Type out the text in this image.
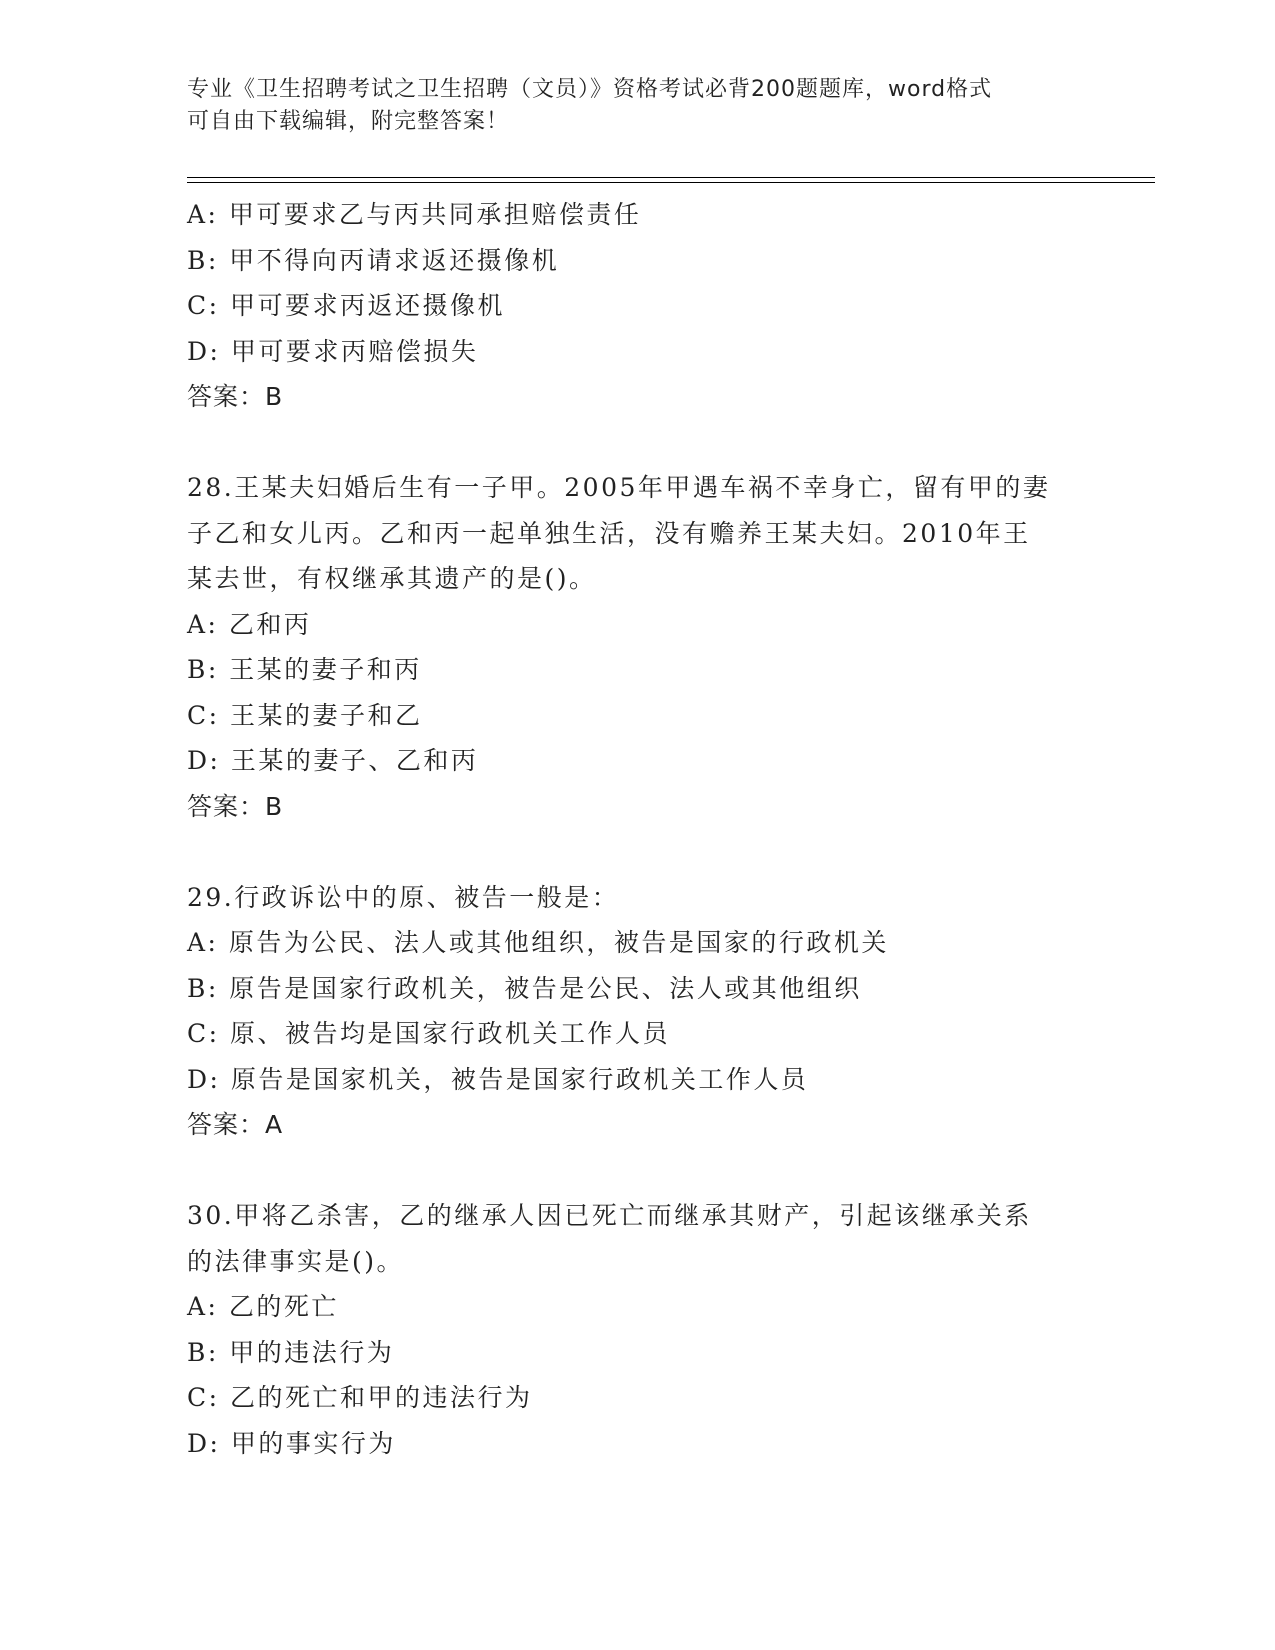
专业《卫生招聘考试之卫生招聘（文员）》资格考试必背200题题库，word格式
可自由下载编辑，附完整答案！
A: 甲可要求乙与丙共同承担赔偿责任
B: 甲不得向丙请求返还摄像机
C: 甲可要求丙返还摄像机
D: 甲可要求丙赔偿损失
答案：B
28.王某夫妇婚后生有一子甲。2005年甲遇车祸不幸身亡，留有甲的妻
子乙和女儿丙。乙和丙一起单独生活，没有赡养王某夫妇。2010年王
某去世，有权继承其遗产的是()。
A: 乙和丙
B: 王某的妻子和丙
C: 王某的妻子和乙
D: 王某的妻子、乙和丙
答案：B
29.行政诉讼中的原、被告一般是：
A: 原告为公民、法人或其他组织，被告是国家的行政机关
B: 原告是国家行政机关，被告是公民、法人或其他组织
C: 原、被告均是国家行政机关工作人员
D: 原告是国家机关，被告是国家行政机关工作人员
答案：A
30.甲将乙杀害，乙的继承人因已死亡而继承其财产，引起该继承关系
的法律事实是()。
A: 乙的死亡
B: 甲的违法行为
C: 乙的死亡和甲的违法行为
D: 甲的事实行为
